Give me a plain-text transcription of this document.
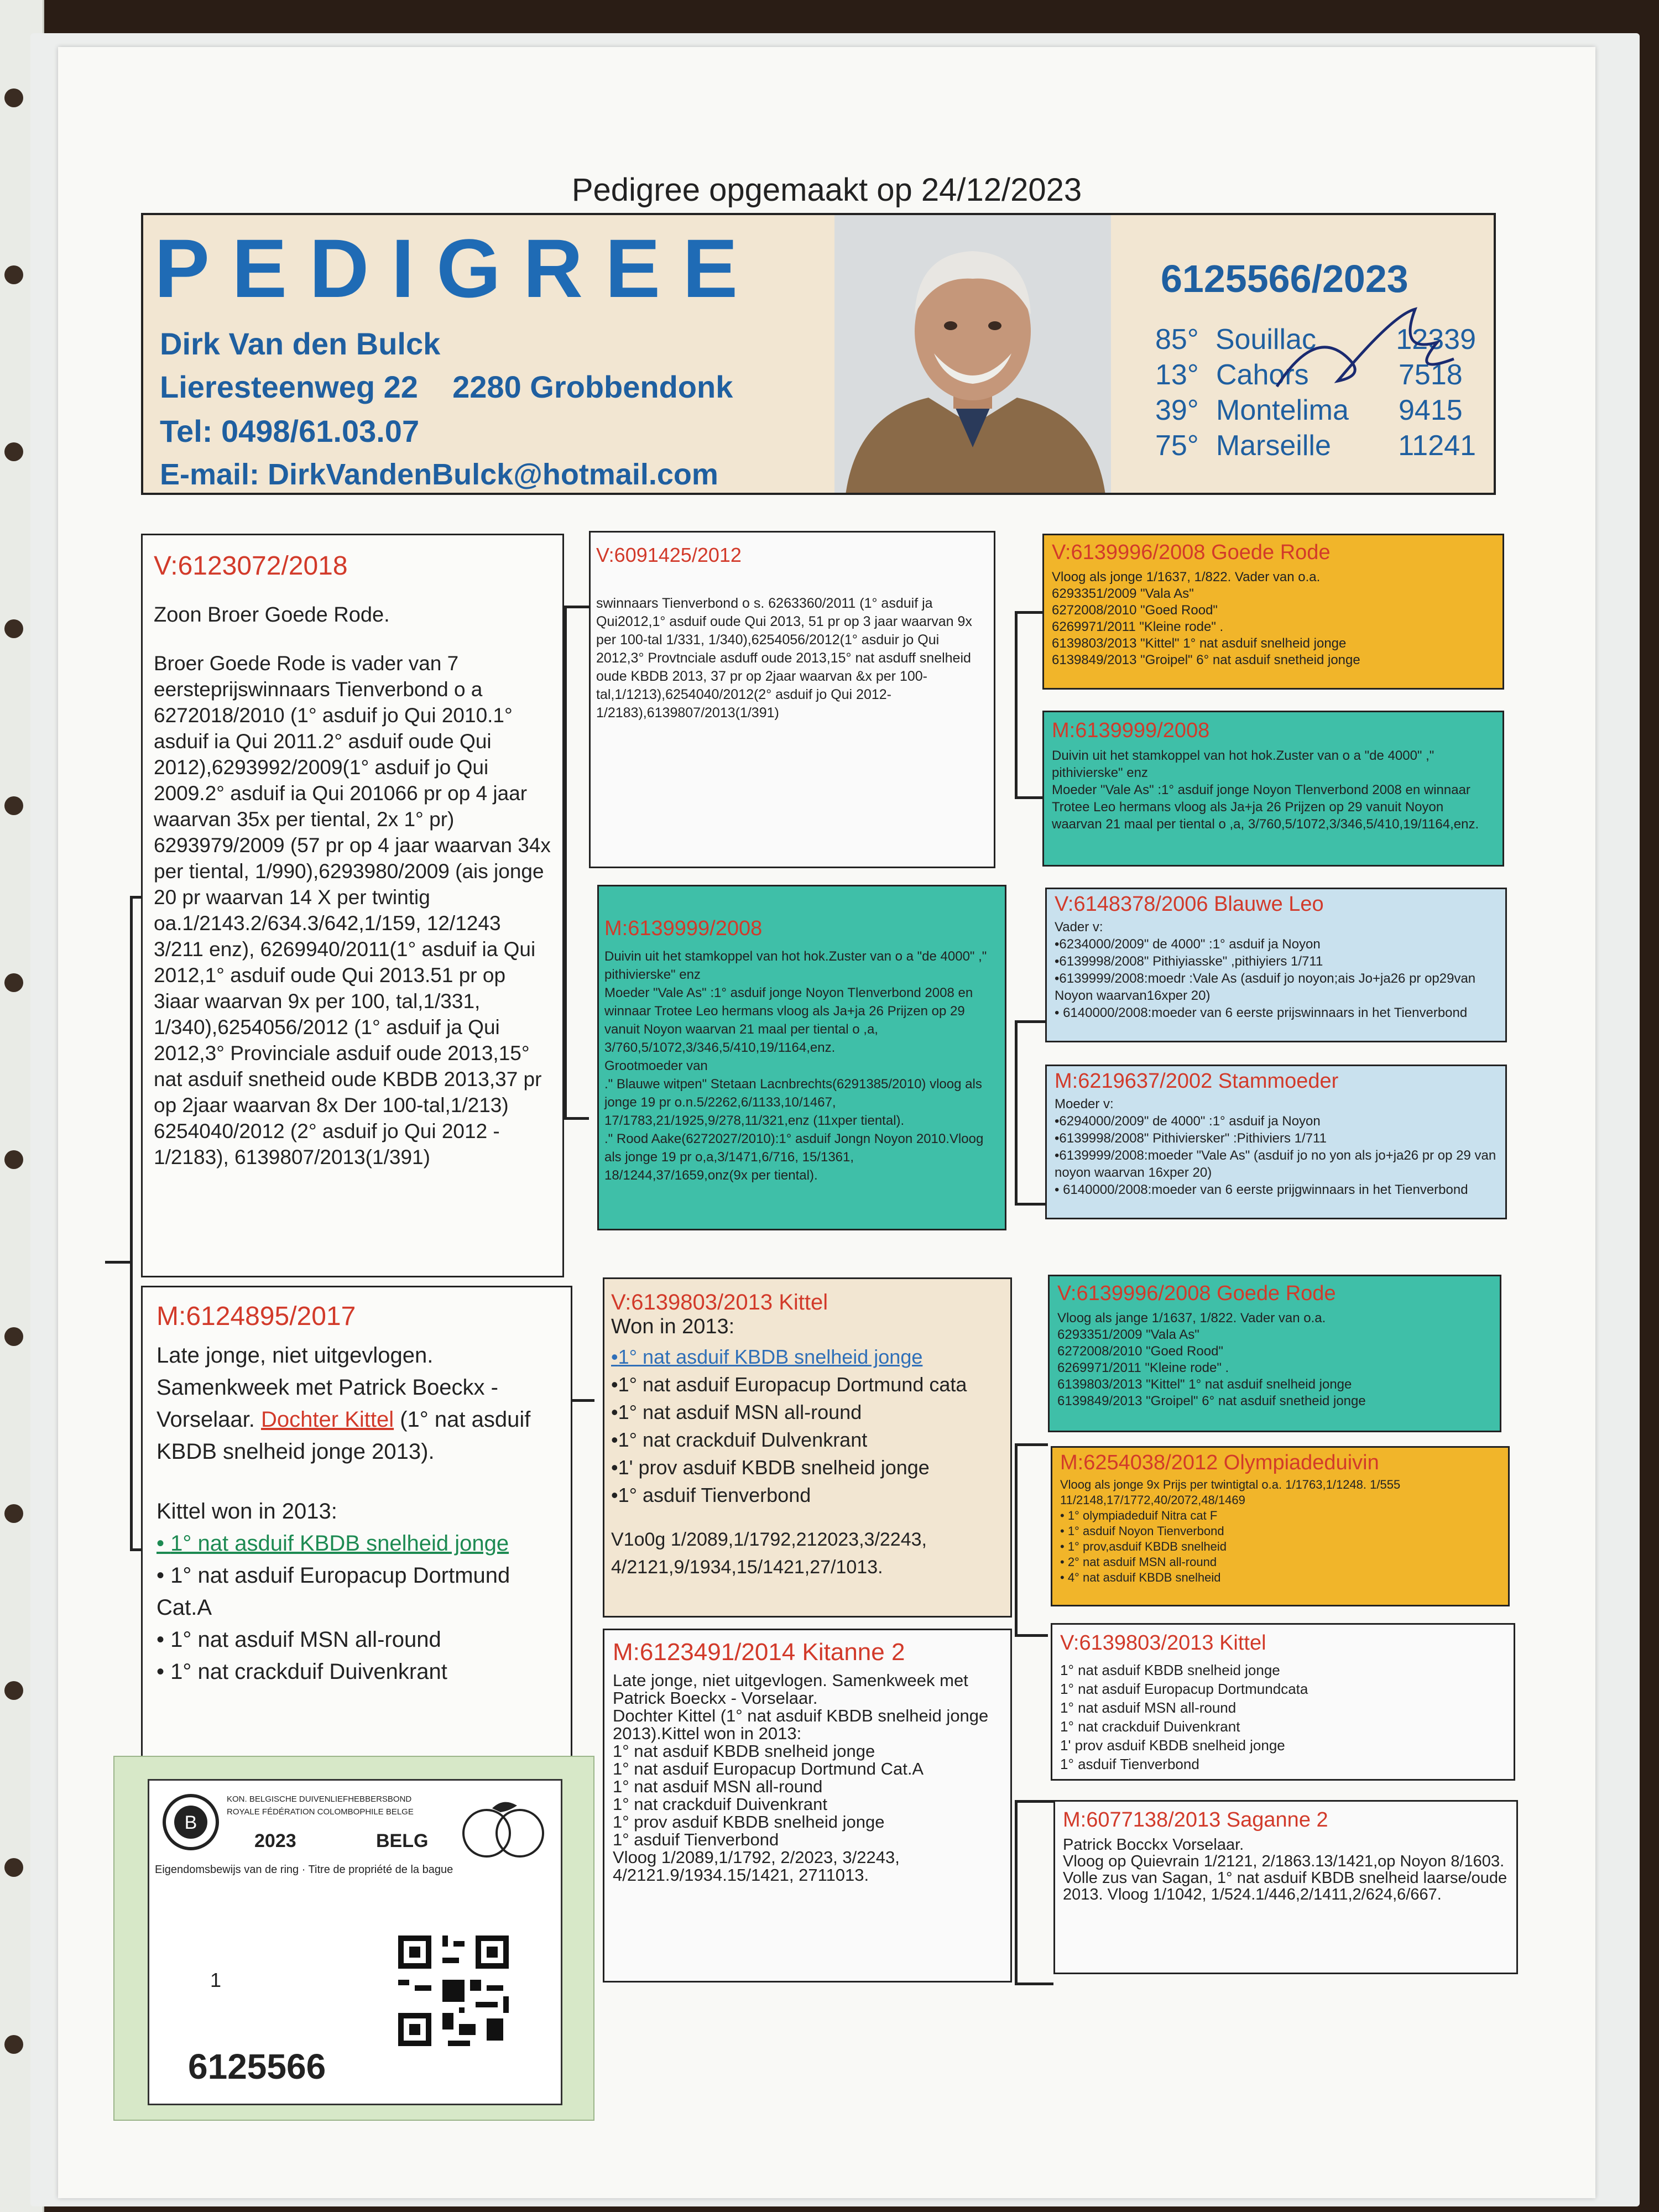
Pedigree opgemaakt op 24/12/2023
PEDIGREE
Dirk Van den Bulck
Lieresteenweg 22    2280 Grobbendonk
Tel: 0498/61.03.07
E-mail: DirkVandenBulck@hotmail.com
6125566/2023
85° Souillac	12339
13° Cahors	7518
39° Montelima	9415
75° Marseille	11241
V:6123072/2018
Zoon Broer Goede Rode.
Broer Goede Rode is vader van 7 eersteprijswinnaars Tienverbond o a 6272018/2010 (1° asduif jo Qui 2010.1° asduif ia Qui 2011.2° asduif oude Qui 2012),6293992/2009(1° asduif jo Qui 2009.2° asduif ia Qui 201066 pr op 4 jaar waarvan 35x per tiental, 2x 1° pr) 6293979/2009 (57 pr op 4 jaar waarvan 34x per tiental, 1/990),6293980/2009 (ais jonge 20 pr waarvan 14 X per twintig oa.1/2143.2/634.3/642,1/159, 12/1243 3/211 enz), 6269940/2011(1° asduif ia Qui 2012,1° asduif oude Qui 2013.51 pr op 3iaar waarvan 9x per 100, tal,1/331, 1/340),6254056/2012 (1° asduif ja Qui 2012,3° Provinciale asduif oude 2013,15° nat asduif snetheid oude KBDB 2013,37 pr op 2jaar waarvan 8x Der 100-tal,1/213) 6254040/2012 (2° asduif jo Qui 2012 - 1/2183), 6139807/2013(1/391)
V:6091425/2012
swinnaars Tienverbond o s. 6263360/2011 (1° asduif ja Qui2012,1° asduif oude Qui 2013, 51 pr op 3 jaar waarvan 9x per 100-tal 1/331, 1/340),6254056/2012(1° asduir jo Qui 2012,3° Provtnciale asduff oude 2013,15° nat asduff snelheid oude KBDB 2013, 37 pr op 2jaar waarvan &x per 100-tal,1/1213),6254040/2012(2° asduif jo Qui 2012-1/2183),6139807/2013(1/391)
M:6139999/2008
Duivin uit het stamkoppel van hot hok.Zuster van o a "de 4000" ," pithivierske" enz
Moeder "Vale As" :1° asduif jonge Noyon Tlenverbond 2008 en winnaar Trotee Leo hermans vloog als Ja+ja 26 Prijzen op 29 vanuit Noyon waarvan 21 maal per tiental o ,a, 3/760,5/1072,3/346,5/410,19/1164,enz.
Grootmoeder van
." Blauwe witpen" Stetaan Lacnbrechts(6291385/2010) vloog als jonge 19 pr o.n.5/2262,6/1133,10/1467, 17/1783,21/1925,9/278,11/321,enz (11xper tiental).
." Rood Aake(6272027/2010):1° asduif Jongn Noyon 2010.Vloog als jonge 19 pr o,a,3/1471,6/716, 15/1361, 18/1244,37/1659,onz(9x per tiental).
V:6139996/2008 Goede Rode
Vloog als jonge 1/1637, 1/822. Vader van o.a.
6293351/2009 "Vala As"
6272008/2010 "Goed Rood"
6269971/2011 "Kleine rode" .
6139803/2013 "Kittel" 1° nat asduif snelheid jonge
6139849/2013 "Groipel" 6° nat asduif snetheid jonge
M:6139999/2008
Duivin uit het stamkoppel van hot hok.Zuster van o a "de 4000" ," pithivierske" enz
Moeder "Vale As" :1° asduif jonge Noyon Tlenverbond 2008 en winnaar Trotee Leo hermans vloog als Ja+ja 26 Prijzen op 29 vanuit Noyon waarvan 21 maal per tiental o ,a, 3/760,5/1072,3/346,5/410,19/1164,enz.
V:6148378/2006 Blauwe Leo
Vader v:
•6234000/2009" de 4000" :1° asduif ja Noyon
•6139998/2008" Pithiyiasske" ,pithiyiers 1/711
•6139999/2008:moedr :Vale As (asduif jo noyon;ais Jo+ja26 pr op29van Noyon waarvan16xper 20)
• 6140000/2008:moeder van 6 eerste prijswinnaars in het Tienverbond
M:6219637/2002 Stammoeder
Moeder v:
•6294000/2009" de 4000" :1° asduif ja Noyon
•6139998/2008" Pithiviersker" :Pithiviers 1/711
•6139999/2008:moeder "Vale As" (asduif jo no yon als jo+ja26 pr op 29 van noyon waarvan 16xper 20)
• 6140000/2008:moeder van 6 eerste prijgwinnaars in het Tienverbond
M:6124895/2017
Late jonge, niet uitgevlogen. Samenkweek met Patrick Boeckx - Vorselaar. Dochter Kittel (1° nat asduif KBDB snelheid jonge 2013).
Kittel won in 2013:
• 1° nat asduif KBDB snelheid jonge
• 1° nat asduif Europacup Dortmund Cat.A
• 1° nat asduif MSN all-round
• 1° nat crackduif Duivenkrant
V:6139803/2013 Kittel
Won in 2013:
•1° nat asduif KBDB snelheid jonge
•1° nat asduif Europacup Dortmund cata
•1° nat asduif MSN all-round
•1° nat crackduif Dulvenkrant
•1' prov asduif KBDB snelheid jonge
•1° asduif Tienverbond
V1o0g 1/2089,1/1792,212023,3/2243, 4/2121,9/1934,15/1421,27/1013.
M:6123491/2014 Kitanne 2
Late jonge, niet uitgevlogen. Samenkweek met Patrick Boeckx - Vorselaar.
Dochter Kittel (1° nat asduif KBDB snelheid jonge 2013).Kittel won in 2013:
1° nat asduif KBDB snelheid jonge
1° nat asduif Europacup Dortmund Cat.A
1° nat asduif MSN all-round
1° nat crackduif Duivenkrant
1° prov asduif KBDB snelheid jonge
1° asduif Tienverbond
Vloog 1/2089,1/1792, 2/2023, 3/2243, 4/2121.9/1934.15/1421, 2711013.
V:6139996/2008 Goede Rode
Vloog als jange 1/1637, 1/822. Vader van o.a.
6293351/2009 "Vala As"
6272008/2010 "Goed Rood"
6269971/2011 "Kleine rode" .
6139803/2013 "Kittel" 1° nat asduif snelheid jonge
6139849/2013 "Groipel" 6° nat asduif snetheid jonge
M:6254038/2012 Olympiadeduivin
Vloog als jonge 9x Prijs per twintigtal o.a. 1/1763,1/1248. 1/555 11/2148,17/1772,40/2072,48/1469
• 1° olympiadeduif Nitra cat F
• 1° asduif Noyon Tienverbond
• 1° prov,asduif KBDB snelheid
• 2° nat asduif MSN all-round
• 4° nat asduif KBDB snelheid
V:6139803/2013 Kittel
1° nat asduif KBDB snelheid jonge
1° nat asduif Europacup Dortmundcata
1° nat asduif MSN all-round
1° nat crackduif Duivenkrant
1' prov asduif KBDB snelheid jonge
1° asduif Tienverbond
M:6077138/2013 Saganne 2
Patrick Bocckx Vorselaar.
Vloog op Quievrain 1/2121, 2/1863.13/1421,op Noyon 8/1603.
Volle zus van Sagan, 1° nat asduif KBDB snelheid laarse/oude 2013. Vloog 1/1042, 1/524.1/446,2/1411,2/624,6/667.
B
KON. BELGISCHE DUIVENLIEFHEBBERSBOND
ROYALE FÉDÉRATION COLOMBOPHILE BELGE
2023	BELG
Eigendomsbewijs van de ring · Titre de propriété de la bague
1
6125566
